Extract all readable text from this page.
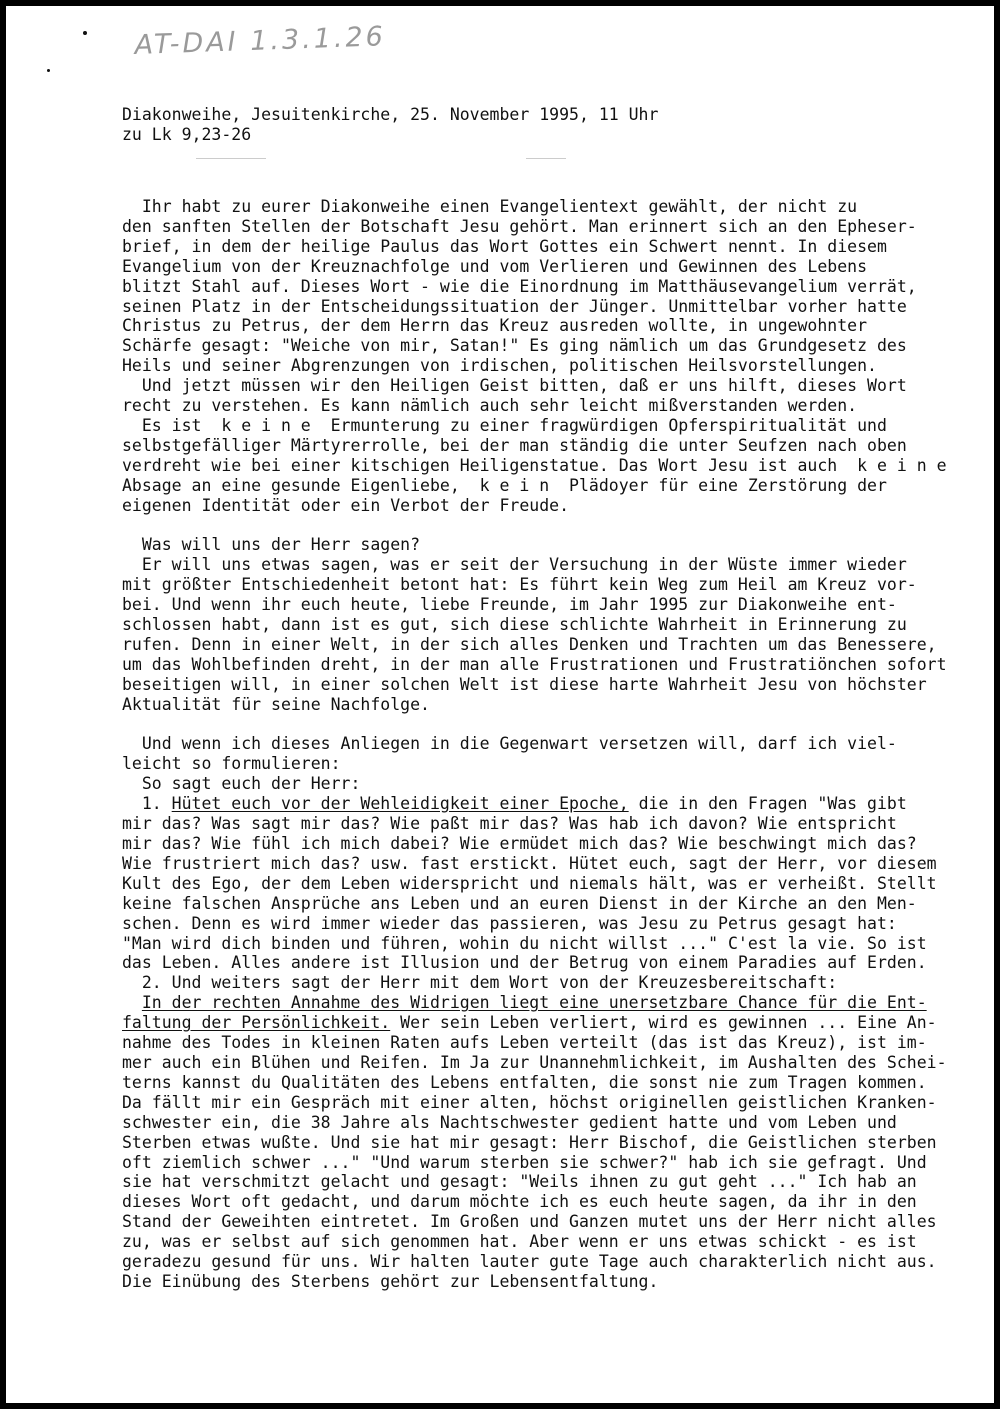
AT-DAI 1.3.1.26
Diakonweihe, Jesuitenkirche, 25. November 1995, 11 Uhr
zu Lk 9,23-26
Ihr habt zu eurer Diakonweihe einen Evangelientext gewählt, der nicht zu
den sanften Stellen der Botschaft Jesu gehört. Man erinnert sich an den Epheser-
brief, in dem der heilige Paulus das Wort Gottes ein Schwert nennt. In diesem
Evangelium von der Kreuznachfolge und vom Verlieren und Gewinnen des Lebens
blitzt Stahl auf. Dieses Wort - wie die Einordnung im Matthäusevangelium verrät,
seinen Platz in der Entscheidungssituation der Jünger. Unmittelbar vorher hatte
Christus zu Petrus, der dem Herrn das Kreuz ausreden wollte, in ungewohnter
Schärfe gesagt: "Weiche von mir, Satan!" Es ging nämlich um das Grundgesetz des
Heils und seiner Abgrenzungen von irdischen, politischen Heilsvorstellungen.
Und jetzt müssen wir den Heiligen Geist bitten, daß er uns hilft, dieses Wort
recht zu verstehen. Es kann nämlich auch sehr leicht mißverstanden werden.
Es ist  k e i n e  Ermunterung zu einer fragwürdigen Opferspiritualität und
selbstgefälliger Märtyrerrolle, bei der man ständig die unter Seufzen nach oben
verdreht wie bei einer kitschigen Heiligenstatue. Das Wort Jesu ist auch  k e i n e
Absage an eine gesunde Eigenliebe,  k e i n  Plädoyer für eine Zerstörung der
eigenen Identität oder ein Verbot der Freude.

Was will uns der Herr sagen?
Er will uns etwas sagen, was er seit der Versuchung in der Wüste immer wieder
mit größter Entschiedenheit betont hat: Es führt kein Weg zum Heil am Kreuz vor-
bei. Und wenn ihr euch heute, liebe Freunde, im Jahr 1995 zur Diakonweihe ent-
schlossen habt, dann ist es gut, sich diese schlichte Wahrheit in Erinnerung zu
rufen. Denn in einer Welt, in der sich alles Denken und Trachten um das Benessere,
um das Wohlbefinden dreht, in der man alle Frustrationen und Frustratiönchen sofort
beseitigen will, in einer solchen Welt ist diese harte Wahrheit Jesu von höchster
Aktualität für seine Nachfolge.

Und wenn ich dieses Anliegen in die Gegenwart versetzen will, darf ich viel-
leicht so formulieren:
So sagt euch der Herr:
1. Hütet euch vor der Wehleidigkeit einer Epoche, die in den Fragen "Was gibt
mir das? Was sagt mir das? Wie paßt mir das? Was hab ich davon? Wie entspricht
mir das? Wie fühl ich mich dabei? Wie ermüdet mich das? Wie beschwingt mich das?
Wie frustriert mich das? usw. fast erstickt. Hütet euch, sagt der Herr, vor diesem
Kult des Ego, der dem Leben widerspricht und niemals hält, was er verheißt. Stellt
keine falschen Ansprüche ans Leben und an euren Dienst in der Kirche an den Men-
schen. Denn es wird immer wieder das passieren, was Jesu zu Petrus gesagt hat:
"Man wird dich binden und führen, wohin du nicht willst ..." C'est la vie. So ist
das Leben. Alles andere ist Illusion und der Betrug von einem Paradies auf Erden.
2. Und weiters sagt der Herr mit dem Wort von der Kreuzesbereitschaft:
In der rechten Annahme des Widrigen liegt eine unersetzbare Chance für die Ent-
faltung der Persönlichkeit. Wer sein Leben verliert, wird es gewinnen ... Eine An-
nahme des Todes in kleinen Raten aufs Leben verteilt (das ist das Kreuz), ist im-
mer auch ein Blühen und Reifen. Im Ja zur Unannehmlichkeit, im Aushalten des Schei-
terns kannst du Qualitäten des Lebens entfalten, die sonst nie zum Tragen kommen.
Da fällt mir ein Gespräch mit einer alten, höchst originellen geistlichen Kranken-
schwester ein, die 38 Jahre als Nachtschwester gedient hatte und vom Leben und
Sterben etwas wußte. Und sie hat mir gesagt: Herr Bischof, die Geistlichen sterben
oft ziemlich schwer ..." "Und warum sterben sie schwer?" hab ich sie gefragt. Und
sie hat verschmitzt gelacht und gesagt: "Weils ihnen zu gut geht ..." Ich hab an
dieses Wort oft gedacht, und darum möchte ich es euch heute sagen, da ihr in den
Stand der Geweihten eintretet. Im Großen und Ganzen mutet uns der Herr nicht alles
zu, was er selbst auf sich genommen hat. Aber wenn er uns etwas schickt - es ist
geradezu gesund für uns. Wir halten lauter gute Tage auch charakterlich nicht aus.
Die Einübung des Sterbens gehört zur Lebensentfaltung.
